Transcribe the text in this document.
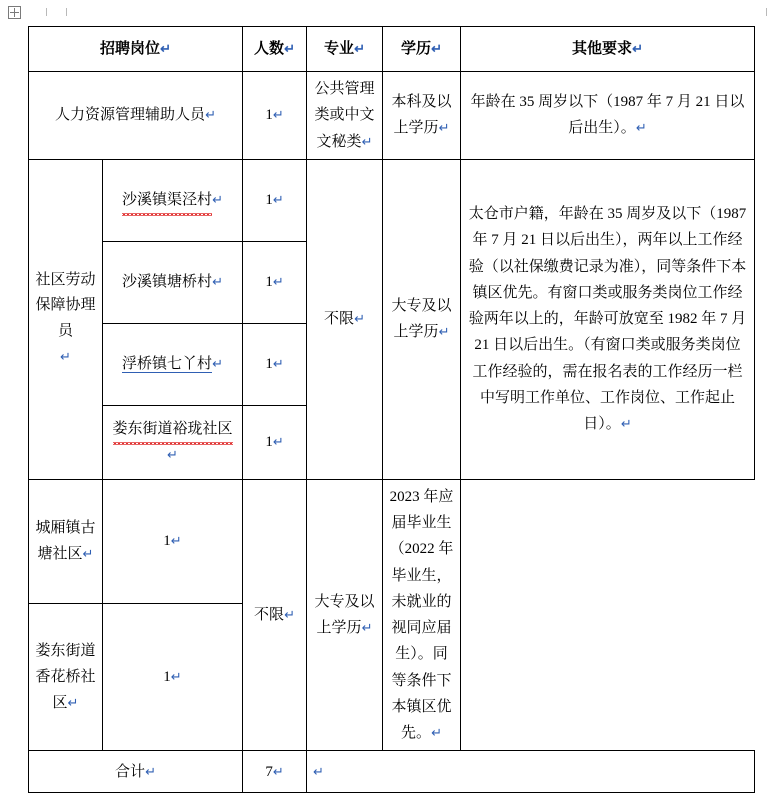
招聘岗位↵		人数↵	专业↵	学历↵	其他要求↵
人力资源管理辅助人员↵		1↵	公共管理类或中文文秘类↵	本科及以上学历↵	年龄在 35 周岁以下（1987 年 7 月 21 日以后出生）。↵
社区劳动保障协理员↵	沙溪镇渠泾村↵	1↵	不限↵	大专及以上学历↵	太仓市户籍，年龄在 35 周岁及以下（1987 年 7 月 21 日以后出生），两年以上工作经验（以社保缴费记录为准），同等条件下本镇区优先。有窗口类或服务类岗位工作经验两年以上的，年龄可放宽至 1982 年 7 月 21 日以后出生。（有窗口类或服务类岗位工作经验的，需在报名表的工作经历一栏中写明工作单位、工作岗位、工作起止日）。↵
	沙溪镇塘桥村↵	1↵			
	浮桥镇七丫村↵	1↵			
	娄东街道裕珑社区↵	1↵			
城厢镇古塘社区↵	1↵	不限↵	大专及以上学历↵	2023 年应届毕业生（2022 年毕业生，未就业的视同应届生）。同等条件下本镇区优先。↵	
娄东街道香花桥社区↵	1↵				
合计↵		7↵	↵		
